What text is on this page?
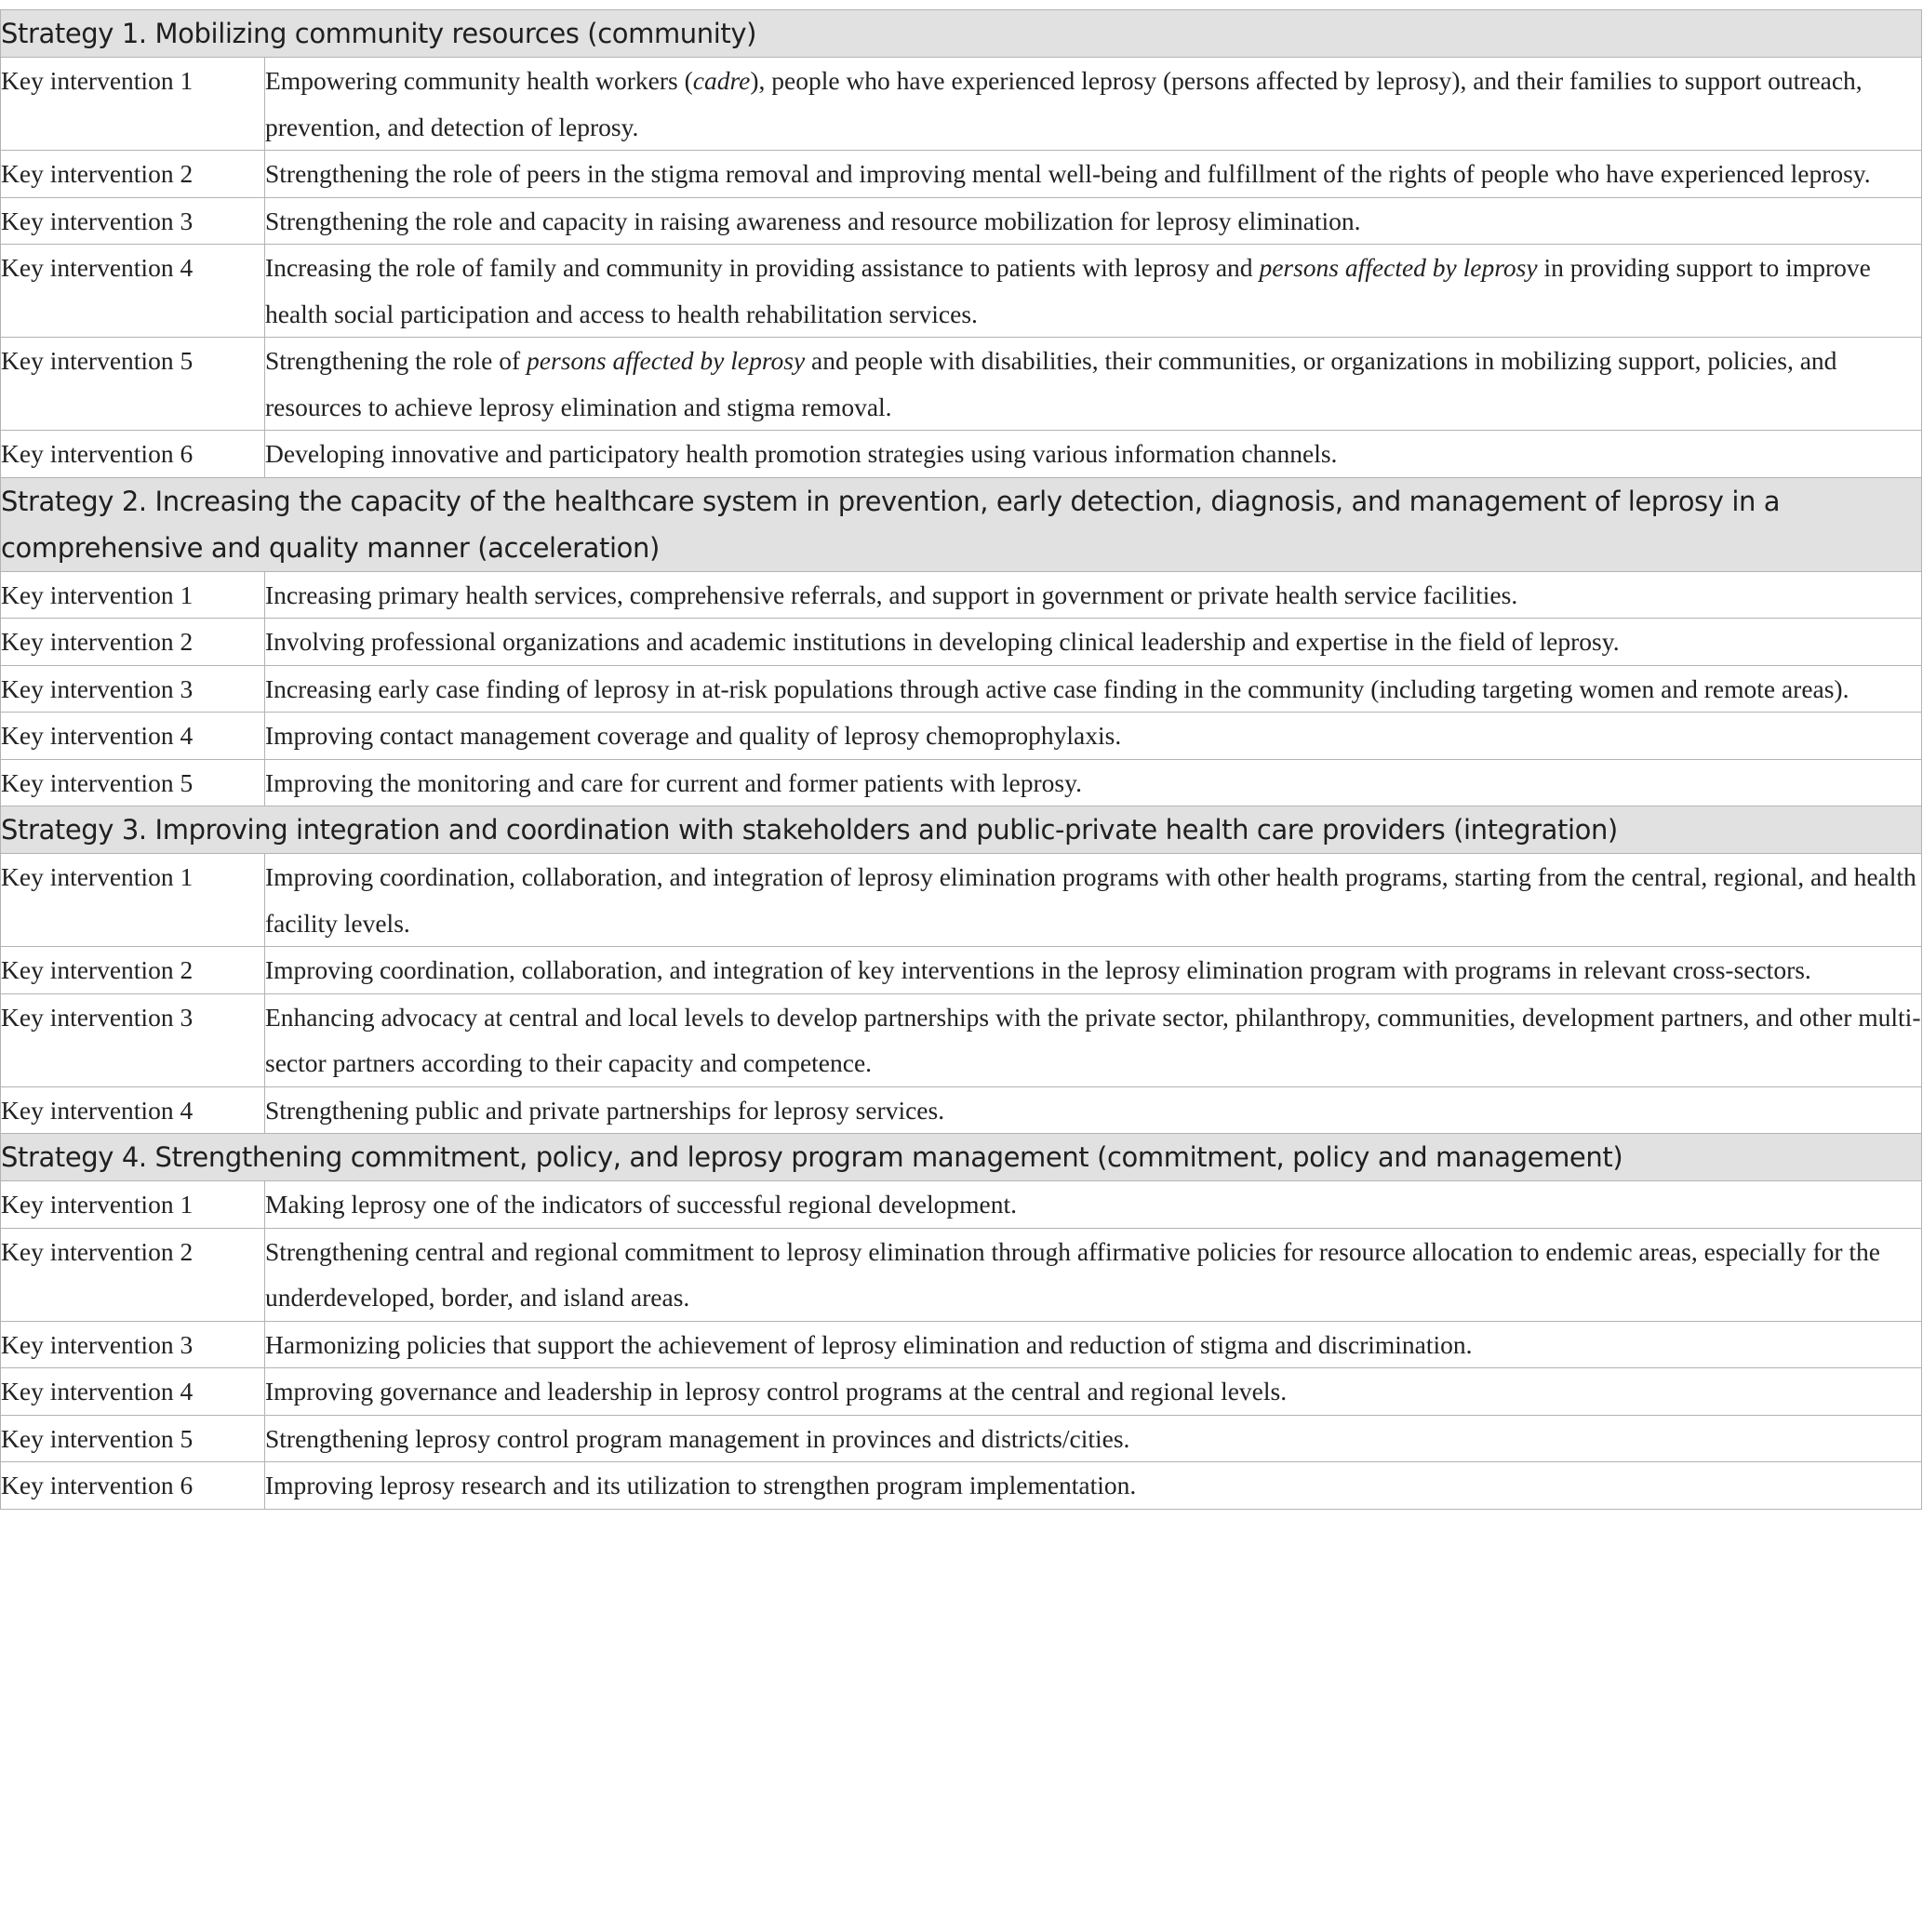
Strategy 1. Mobilizing community resources (community)	
Key intervention 1	Empowering community health workers (cadre), people who have experienced leprosy (persons affected by leprosy), and their families to support outreach, prevention, and detection of leprosy.
Key intervention 2	Strengthening the role of peers in the stigma removal and improving mental well-being and fulfillment of the rights of people who have experienced leprosy.
Key intervention 3	Strengthening the role and capacity in raising awareness and resource mobilization for leprosy elimination.
Key intervention 4	Increasing the role of family and community in providing assistance to patients with leprosy and persons affected by leprosy in providing support to improve health social participation and access to health rehabilitation services.
Key intervention 5	Strengthening the role of persons affected by leprosy and people with disabilities, their communities, or organizations in mobilizing support, policies, and resources to achieve leprosy elimination and stigma removal.
Key intervention 6	Developing innovative and participatory health promotion strategies using various information channels.
Strategy 2. Increasing the capacity of the healthcare system in prevention, early detection, diagnosis, and management of leprosy in a comprehensive and quality manner (acceleration)	
Key intervention 1	Increasing primary health services, comprehensive referrals, and support in government or private health service facilities.
Key intervention 2	Involving professional organizations and academic institutions in developing clinical leadership and expertise in the field of leprosy.
Key intervention 3	Increasing early case finding of leprosy in at-risk populations through active case finding in the community (including targeting women and remote areas).
Key intervention 4	Improving contact management coverage and quality of leprosy chemoprophylaxis.
Key intervention 5	Improving the monitoring and care for current and former patients with leprosy.
Strategy 3. Improving integration and coordination with stakeholders and public-private health care providers (integration)	
Key intervention 1	Improving coordination, collaboration, and integration of leprosy elimination programs with other health programs, starting from the central, regional, and health facility levels.
Key intervention 2	Improving coordination, collaboration, and integration of key interventions in the leprosy elimination program with programs in relevant cross-sectors.
Key intervention 3	Enhancing advocacy at central and local levels to develop partnerships with the private sector, philanthropy, communities, development partners, and other multi-sector partners according to their capacity and competence.
Key intervention 4	Strengthening public and private partnerships for leprosy services.
Strategy 4. Strengthening commitment, policy, and leprosy program management (commitment, policy and management)	
Key intervention 1	Making leprosy one of the indicators of successful regional development.
Key intervention 2	Strengthening central and regional commitment to leprosy elimination through affirmative policies for resource allocation to endemic areas, especially for the underdeveloped, border, and island areas.
Key intervention 3	Harmonizing policies that support the achievement of leprosy elimination and reduction of stigma and discrimination.
Key intervention 4	Improving governance and leadership in leprosy control programs at the central and regional levels.
Key intervention 5	Strengthening leprosy control program management in provinces and districts/cities.
Key intervention 6	Improving leprosy research and its utilization to strengthen program implementation.
